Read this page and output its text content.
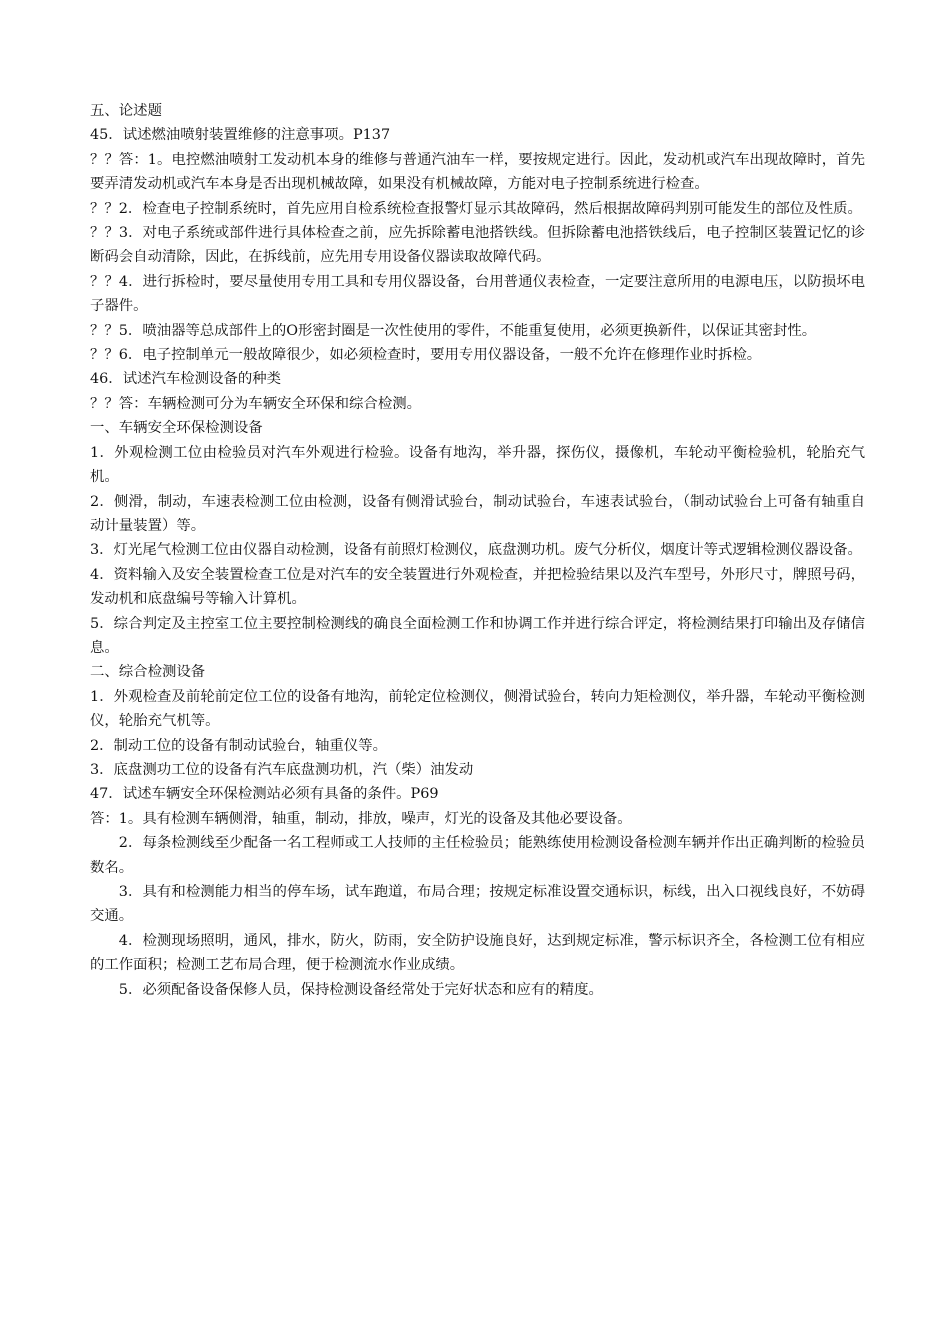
五、论述题

45．试述燃油喷射装置维修的注意事项。P137

？？答：1。电控燃油喷射工发动机本身的维修与普通汽油车一样，要按规定进行。因此，发动机或汽车出现故障时，首先要弄清发动机或汽车本身是否出现机械故障，如果没有机械故障，方能对电子控制系统进行检查。

？？2．检查电子控制系统时，首先应用自检系统检查报警灯显示其故障码，然后根据故障码判别可能发生的部位及性质。

？？3．对电子系统或部件进行具体检查之前，应先拆除蓄电池搭铁线。但拆除蓄电池搭铁线后，电子控制区装置记忆的诊断码会自动清除，因此，在拆线前，应先用专用设备仪器读取故障代码。

？？4．进行拆检时，要尽量使用专用工具和专用仪器设备，台用普通仪表检查，一定要注意所用的电源电压，以防损坏电子器件。

？？5．喷油器等总成部件上的O形密封圈是一次性使用的零件，不能重复使用，必须更换新件，以保证其密封性。

？？6．电子控制单元一般故障很少，如必须检查时，要用专用仪器设备，一般不允许在修理作业时拆检。

46．试述汽车检测设备的种类

？？答：车辆检测可分为车辆安全环保和综合检测。

一、车辆安全环保检测设备

1．外观检测工位由检验员对汽车外观进行检验。设备有地沟，举升器，探伤仪，摄像机，车轮动平衡检验机，轮胎充气机。

2．侧滑，制动，车速表检测工位由检测，设备有侧滑试验台，制动试验台，车速表试验台，（制动试验台上可备有轴重自动计量装置）等。

3．灯光尾气检测工位由仪器自动检测，设备有前照灯检测仪，底盘测功机。废气分析仪，烟度计等式逻辑检测仪器设备。

4．资料输入及安全装置检查工位是对汽车的安全装置进行外观检查，并把检验结果以及汽车型号，外形尺寸，牌照号码，发动机和底盘编号等输入计算机。

5．综合判定及主控室工位主要控制检测线的确良全面检测工作和协调工作并进行综合评定，将检测结果打印输出及存储信息。

二、综合检测设备

1．外观检查及前轮前定位工位的设备有地沟，前轮定位检测仪，侧滑试验台，转向力矩检测仪，举升器，车轮动平衡检测仪，轮胎充气机等。

2．制动工位的设备有制动试验台，轴重仪等。

3．底盘测功工位的设备有汽车底盘测功机，汽（柴）油发动

47．试述车辆安全环保检测站必须有具备的条件。P69

答：1。具有检测车辆侧滑，轴重，制动，排放，噪声，灯光的设备及其他必要设备。

2．每条检测线至少配备一名工程师或工人技师的主任检验员；能熟练使用检测设备检测车辆并作出正确判断的检验员数名。

3．具有和检测能力相当的停车场，试车跑道，布局合理；按规定标准设置交通标识，标线，出入口视线良好，不妨碍交通。

4．检测现场照明，通风，排水，防火，防雨，安全防护设施良好，达到规定标准，警示标识齐全，各检测工位有相应的工作面积；检测工艺布局合理，便于检测流水作业成绩。

5．必须配备设备保修人员，保持检测设备经常处于完好状态和应有的精度。
